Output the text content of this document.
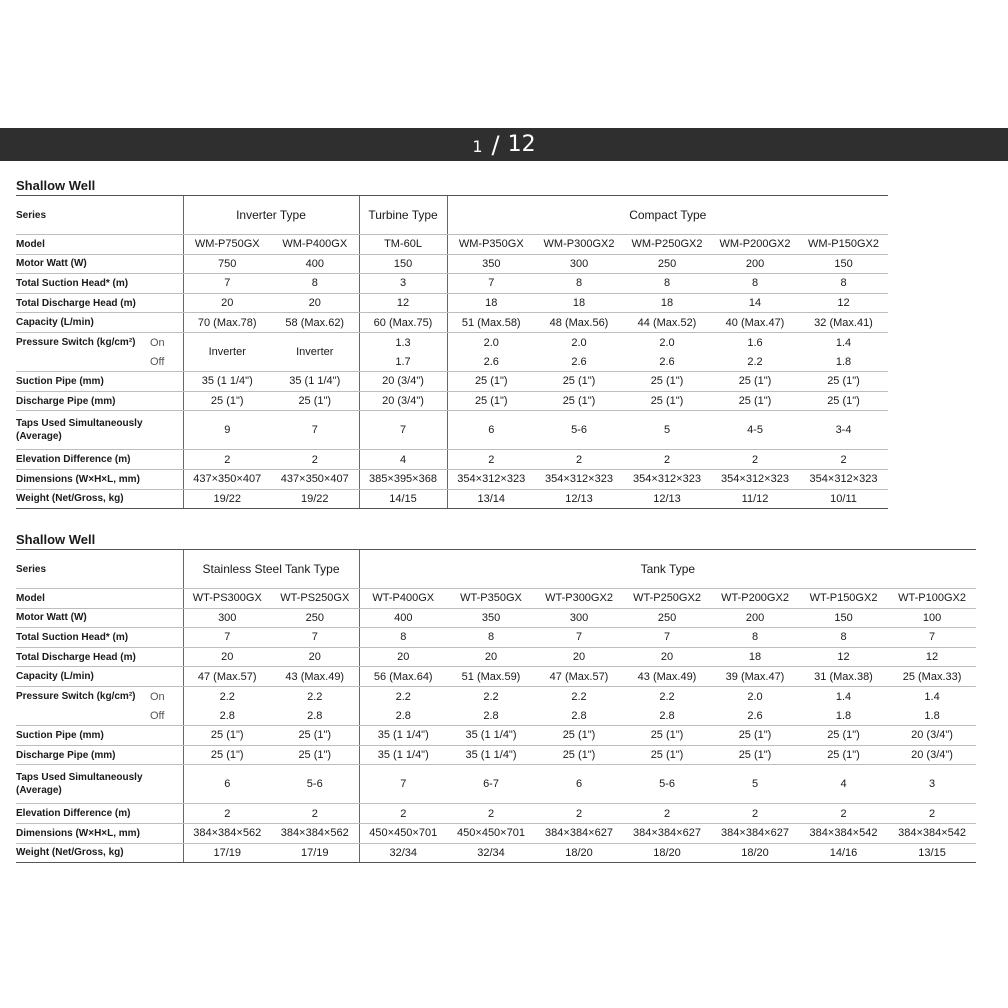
1 / 12
Shallow Well
Series		Inverter Type		Turbine Type	Compact Type				
Model		WM-P750GX	WM-P400GX	TM-60L	WM-P350GX	WM-P300GX2	WM-P250GX2	WM-P200GX2	WM-P150GX2
Motor Watt (W)		750	400	150	350	300	250	200	150
Total Suction Head* (m)		7	8	3	7	8	8	8	8
Total Discharge Head (m)		20	20	12	18	18	18	14	12
Capacity (L/min)		70 (Max.78)	58 (Max.62)	60 (Max.75)	51 (Max.58)	48 (Max.56)	44 (Max.52)	40 (Max.47)	32 (Max.41)
Pressure Switch (kg/cm²)	On	Inverter	Inverter	1.3	2.0	2.0	2.0	1.6	1.4
	Off			1.7	2.6	2.6	2.6	2.2	1.8
Suction Pipe (mm)		35 (1 1/4")	35 (1 1/4")	20 (3/4")	25 (1")	25 (1")	25 (1")	25 (1")	25 (1")
Discharge Pipe (mm)		25 (1")	25 (1")	20 (3/4")	25 (1")	25 (1")	25 (1")	25 (1")	25 (1")
Taps Used Simultaneously (Average)		9	7	7	6	5-6	5	4-5	3-4
Elevation Difference (m)		2	2	4	2	2	2	2	2
Dimensions (W×H×L, mm)		437×350×407	437×350×407	385×395×368	354×312×323	354×312×323	354×312×323	354×312×323	354×312×323
Weight (Net/Gross, kg)		19/22	19/22	14/15	13/14	12/13	12/13	11/12	10/11
Shallow Well
Series		Stainless Steel Tank Type		Tank Type						
Model		WT-PS300GX	WT-PS250GX	WT-P400GX	WT-P350GX	WT-P300GX2	WT-P250GX2	WT-P200GX2	WT-P150GX2	WT-P100GX2
Motor Watt (W)		300	250	400	350	300	250	200	150	100
Total Suction Head* (m)		7	7	8	8	7	7	8	8	7
Total Discharge Head (m)		20	20	20	20	20	20	18	12	12
Capacity (L/min)		47 (Max.57)	43 (Max.49)	56 (Max.64)	51 (Max.59)	47 (Max.57)	43 (Max.49)	39 (Max.47)	31 (Max.38)	25 (Max.33)
Pressure Switch (kg/cm²)	On	2.2	2.2	2.2	2.2	2.2	2.2	2.0	1.4	1.4
	Off	2.8	2.8	2.8	2.8	2.8	2.8	2.6	1.8	1.8
Suction Pipe (mm)		25 (1")	25 (1")	35 (1 1/4")	35 (1 1/4")	25 (1")	25 (1")	25 (1")	25 (1")	20 (3/4")
Discharge Pipe (mm)		25 (1")	25 (1")	35 (1 1/4")	35 (1 1/4")	25 (1")	25 (1")	25 (1")	25 (1")	20 (3/4")
Taps Used Simultaneously (Average)		6	5-6	7	6-7	6	5-6	5	4	3
Elevation Difference (m)		2	2	2	2	2	2	2	2	2
Dimensions (W×H×L, mm)		384×384×562	384×384×562	450×450×701	450×450×701	384×384×627	384×384×627	384×384×627	384×384×542	384×384×542
Weight (Net/Gross, kg)		17/19	17/19	32/34	32/34	18/20	18/20	18/20	14/16	13/15
